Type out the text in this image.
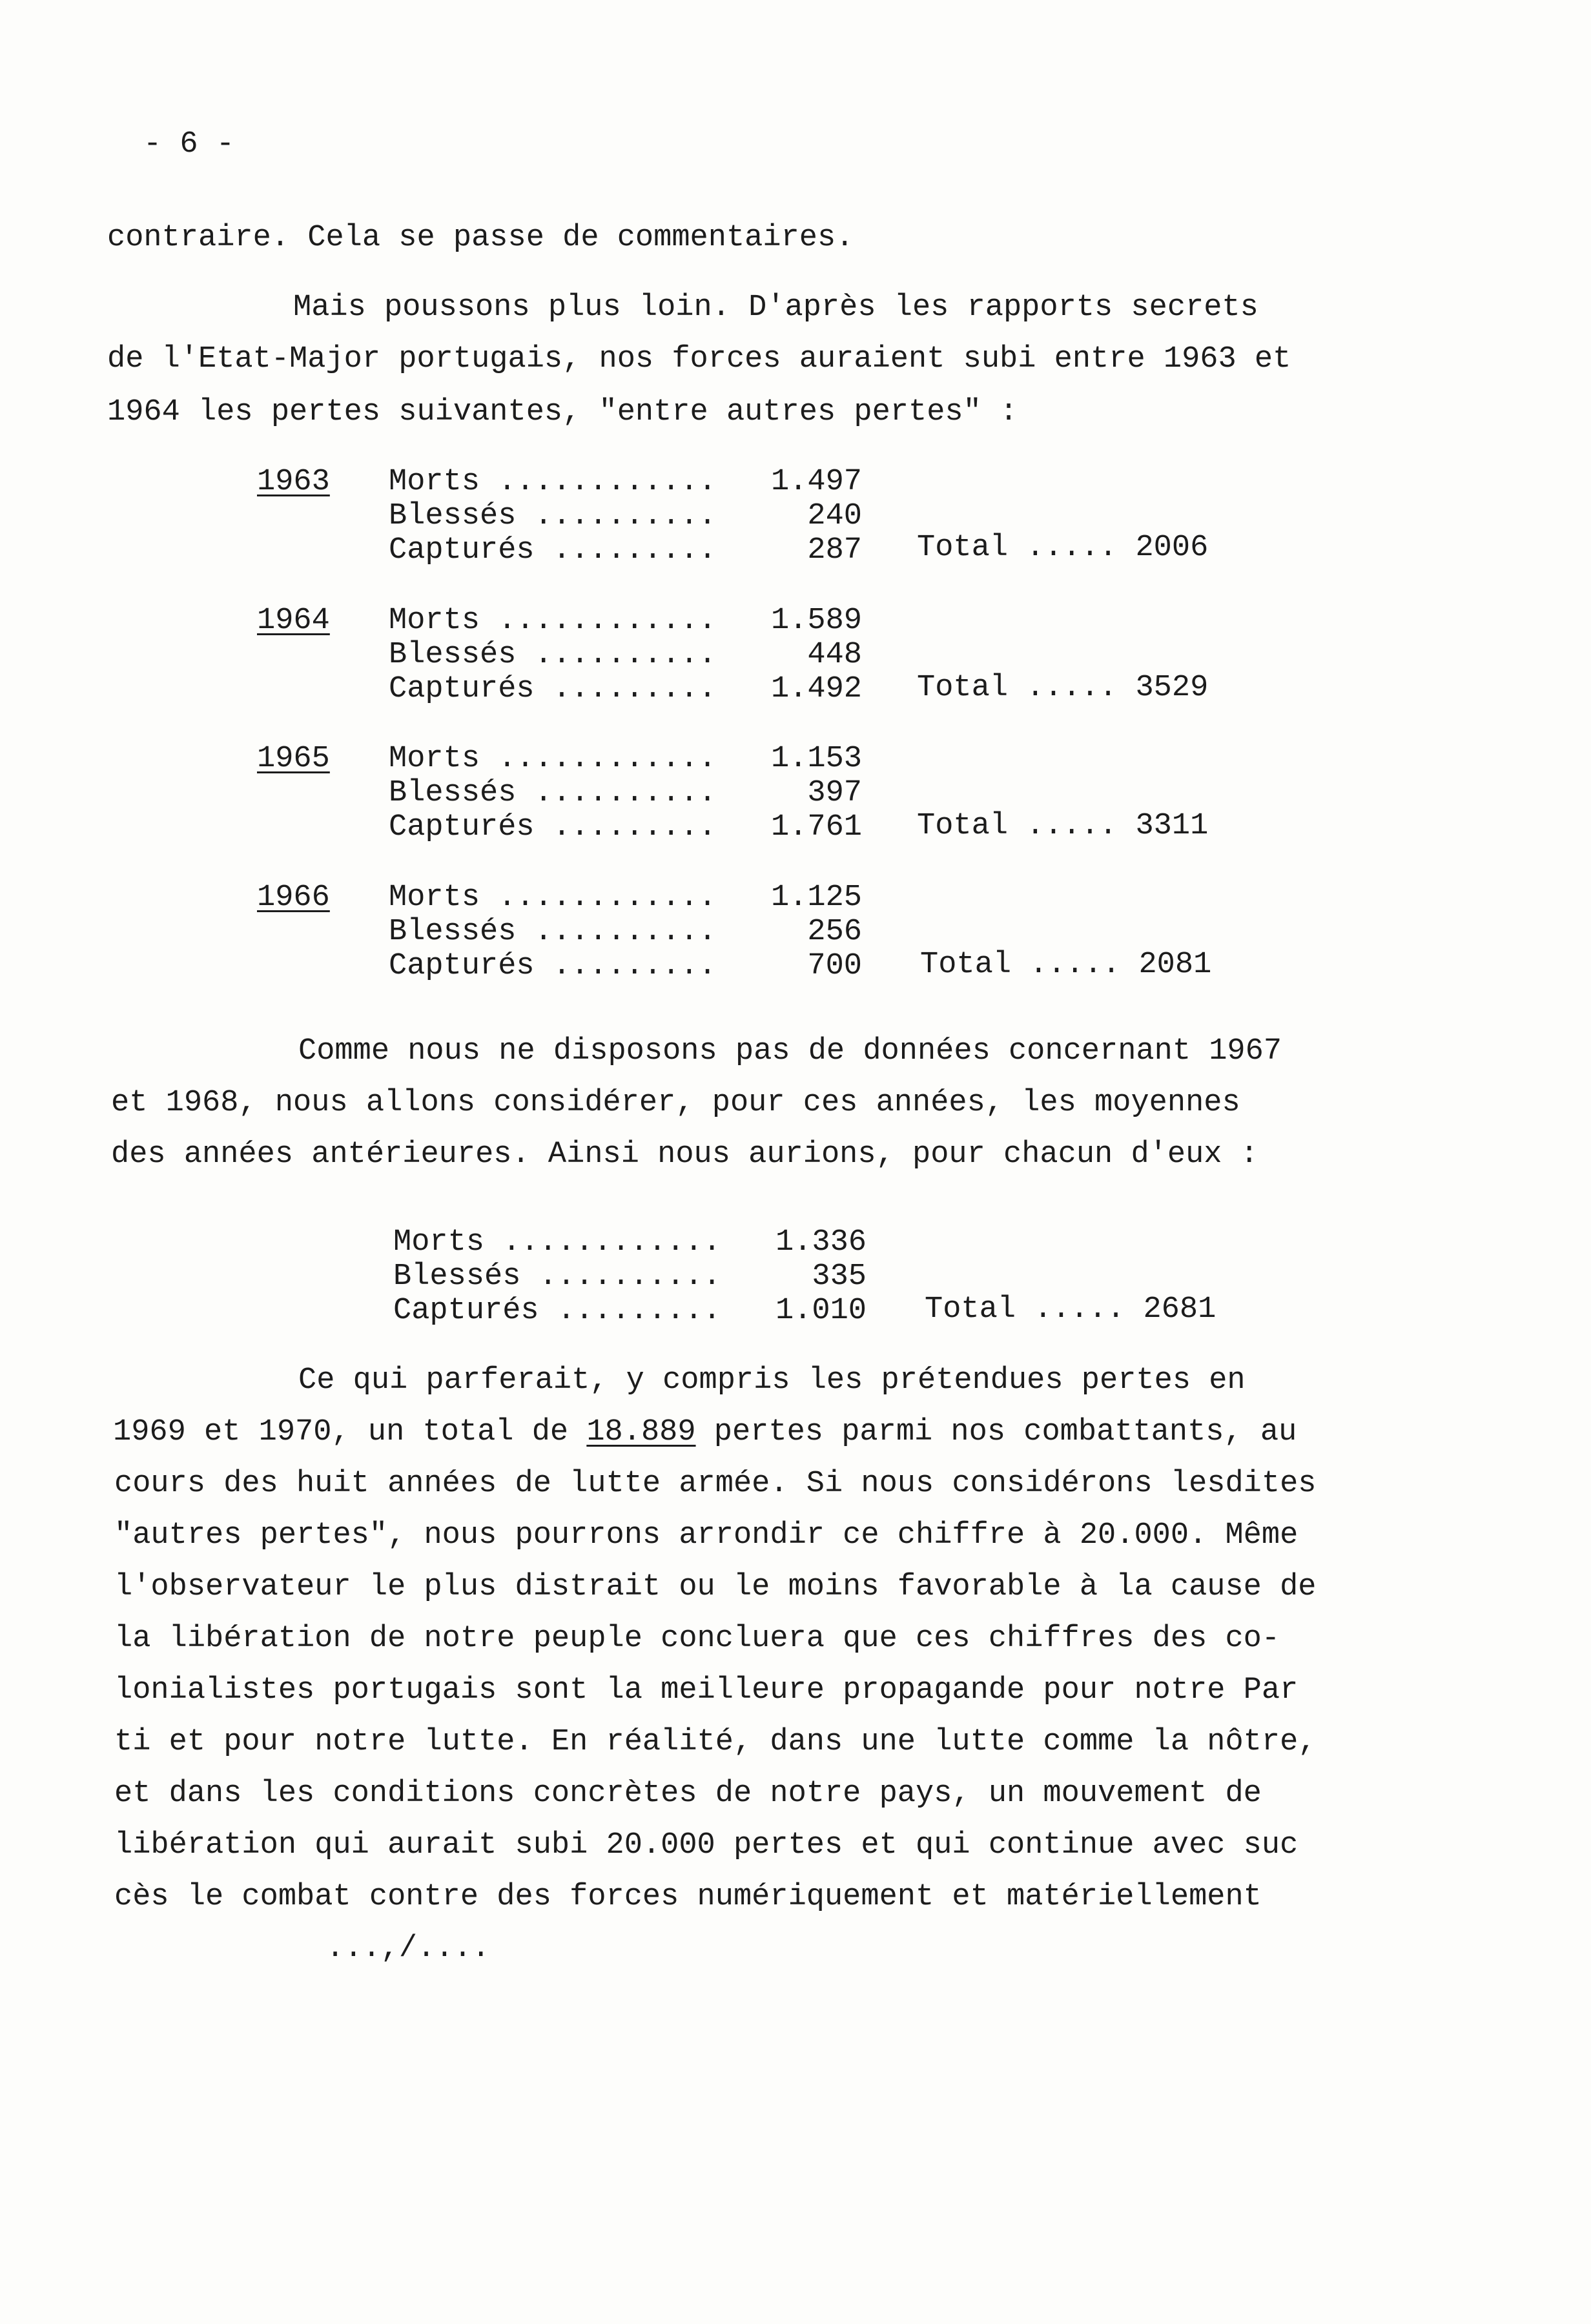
- 6 -
contraire. Cela se passe de commentaires.
Mais poussons plus loin. D'après les rapports secrets
de l'Etat-Major portugais, nos forces auraient subi entre 1963 et
1964 les pertes suivantes, "entre autres pertes" :
1963 Morts ............	1.497
Blessés ..........	240
Capturés .........	287 Total ..... 2006
1964 Morts ............	1.589
Blessés ..........	448
Capturés .........	1.492 Total ..... 3529
1965 Morts ............	1.153
Blessés ..........	397
Capturés .........	1.761 Total ..... 3311
1966 Morts ............	1.125
Blessés ..........	256
Capturés .........	700 Total ..... 2081
Comme nous ne disposons pas de données concernant 1967
et 1968, nous allons considérer, pour ces années, les moyennes
des années antérieures. Ainsi nous aurions, pour chacun d'eux :
Morts ............	1.336
Blessés ..........	335
Capturés .........	1.010 Total ..... 2681
Ce qui parferait, y compris les prétendues pertes en
1969 et 1970, un total de 18.889 pertes parmi nos combattants, au
cours des huit années de lutte armée. Si nous considérons lesdites
"autres pertes", nous pourrons arrondir ce chiffre à 20.000. Même
l'observateur le plus distrait ou le moins favorable à la cause de
la libération de notre peuple concluera que ces chiffres des co-
lonialistes portugais sont la meilleure propagande pour notre Par
ti et pour notre lutte. En réalité, dans une lutte comme la nôtre,
et dans les conditions concrètes de notre pays, un mouvement de
libération qui aurait subi 20.000 pertes et qui continue avec suc
cès le combat contre des forces numériquement et matériellement
...,/....
